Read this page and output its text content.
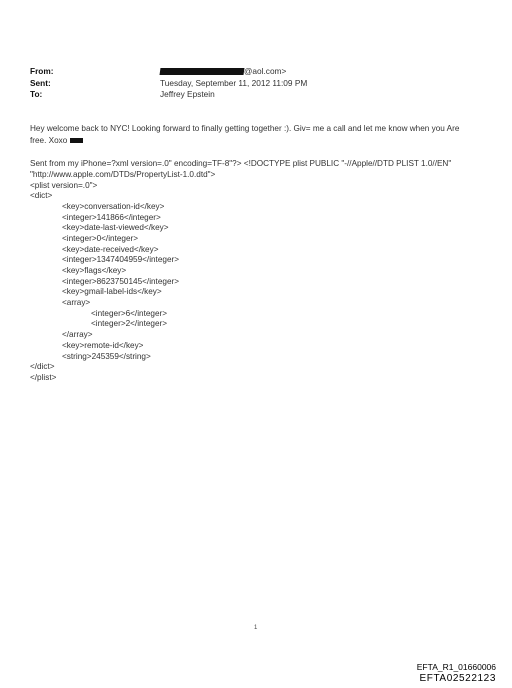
From:	@aol.com>
Sent:	Tuesday, September 11, 2012 11:09 PM
To:	Jeffrey Epstein

Hey welcome back to NYC! Looking forward to finally getting together :). Giv= me a call and let me know when you Are

free. Xoxo

Sent from my iPhone=?xml version=.0" encoding=TF-8"?> <!DOCTYPE plist PUBLIC "-//Apple//DTD PLIST 1.0//EN"

"http://www.apple.com/DTDs/PropertyList-1.0.dtd">

<plist version=.0">
<dict>
<key>conversation-id</key>
<integer>141866</integer>
<key>date-last-viewed</key>
<integer>0</integer>
<key>date-received</key>
<integer>1347404959</integer>
<key>flags</key>
<integer>8623750145</integer>
<key>gmail-label-ids</key>
<array>
<integer>6</integer>
<integer>2</integer>
</array>
<key>remote-id</key>
<string>245359</string>
</dict>
</plist>
1
EFTA_R1_01660006
EFTA02522123
